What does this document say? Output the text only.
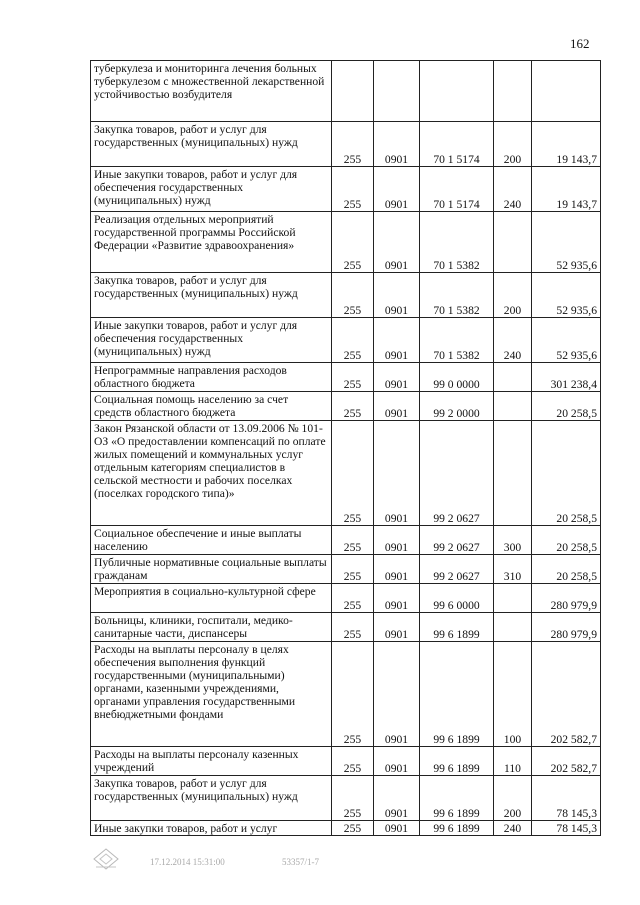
162
туберкулеза и мониторинга лечения больных туберкулезом с множественной лекарственной устойчивостью возбудителя					
Закупка товаров, работ и услуг для государственных (муниципальных) нужд	255	0901	70 1 5174	200	19 143,7
Иные закупки товаров, работ и услуг для обеспечения государственных (муниципальных) нужд	255	0901	70 1 5174	240	19 143,7
Реализация отдельных мероприятий государственной программы Российской Федерации «Развитие здравоохранения»	255	0901	70 1 5382		52 935,6
Закупка товаров, работ и услуг для государственных (муниципальных) нужд	255	0901	70 1 5382	200	52 935,6
Иные закупки товаров, работ и услуг для обеспечения государственных (муниципальных) нужд	255	0901	70 1 5382	240	52 935,6
Непрограммные направления расходов областного бюджета	255	0901	99 0 0000		301 238,4
Социальная помощь населению за счет средств областного бюджета	255	0901	99 2 0000		20 258,5
Закон Рязанской области от 13.09.2006 № 101-ОЗ «О предоставлении компенсаций по оплате жилых помещений и коммунальных услуг отдельным категориям специалистов в сельской местности и рабочих поселках (поселках городского типа)»	255	0901	99 2 0627		20 258,5
Социальное обеспечение и иные выплаты населению	255	0901	99 2 0627	300	20 258,5
Публичные нормативные социальные выплаты гражданам	255	0901	99 2 0627	310	20 258,5
Мероприятия в социально-культурной сфере	255	0901	99 6 0000		280 979,9
Больницы, клиники, госпитали, медико-санитарные части, диспансеры	255	0901	99 6 1899		280 979,9
Расходы на выплаты персоналу в целях обеспечения выполнения функций государственными (муниципальными) органами, казенными учреждениями, органами управления государственными внебюджетными фондами	255	0901	99 6 1899	100	202 582,7
Расходы на выплаты персоналу казенных учреждений	255	0901	99 6 1899	110	202 582,7
Закупка товаров, работ и услуг для государственных (муниципальных) нужд	255	0901	99 6 1899	200	78 145,3
Иные закупки товаров, работ и услуг	255	0901	99 6 1899	240	78 145,3
17.12.2014 15:31:00	53357/1-7
